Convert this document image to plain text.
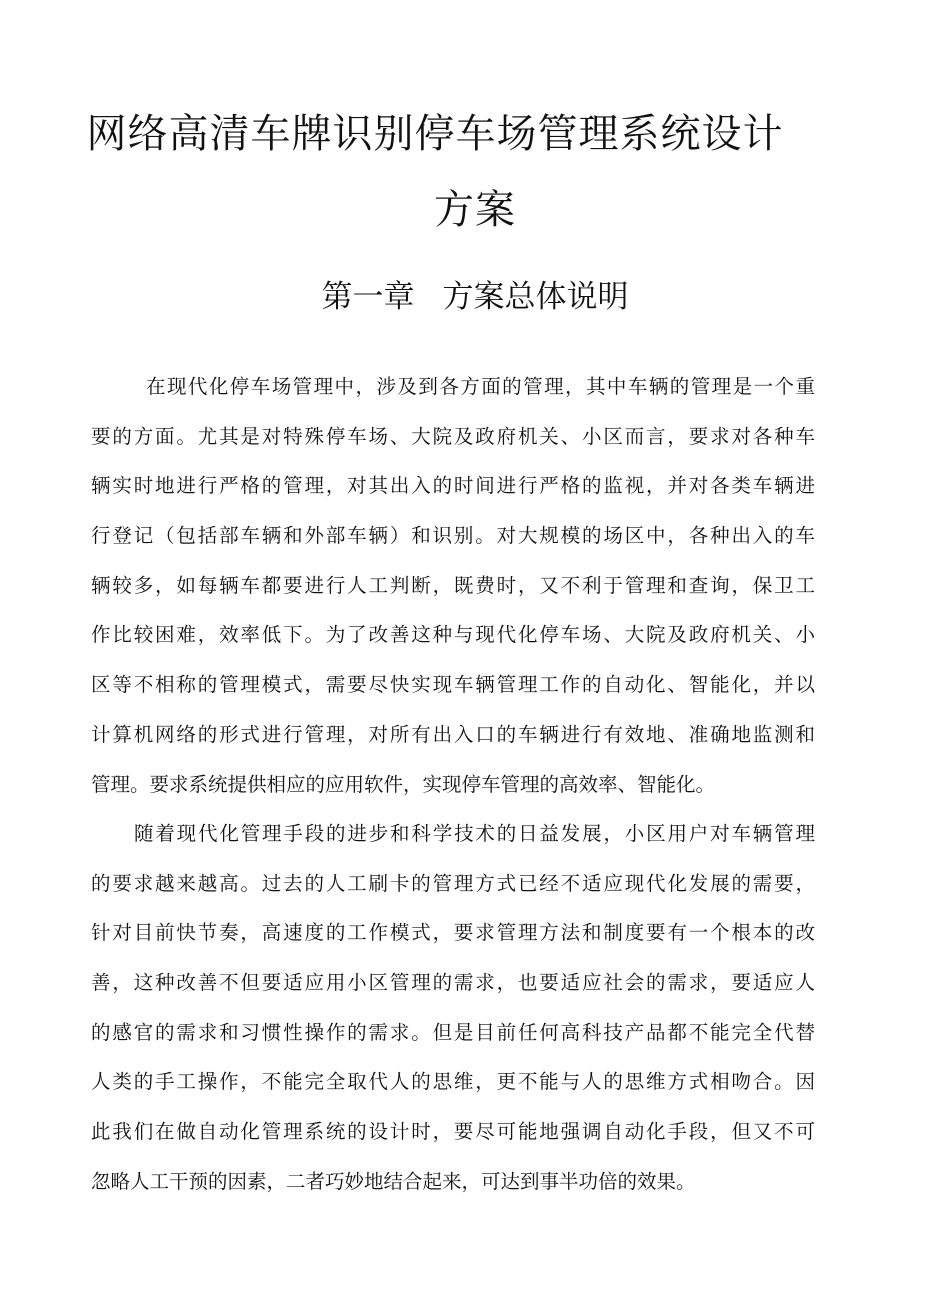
网络高清车牌识别停车场管理系统设计
方案
第一章 方案总体说明
在现代化停车场管理中，涉及到各方面的管理，其中车辆的管理是一个重
要的方面。尤其是对特殊停车场、大院及政府机关、小区而言，要求对各种车
辆实时地进行严格的管理，对其出入的时间进行严格的监视，并对各类车辆进
行登记（包括部车辆和外部车辆）和识别。对大规模的场区中，各种出入的车
辆较多，如每辆车都要进行人工判断，既费时，又不利于管理和查询，保卫工
作比较困难，效率低下。为了改善这种与现代化停车场、大院及政府机关、小
区等不相称的管理模式，需要尽快实现车辆管理工作的自动化、智能化，并以
计算机网络的形式进行管理，对所有出入口的车辆进行有效地、准确地监测和
管理。要求系统提供相应的应用软件，实现停车管理的高效率、智能化。
随着现代化管理手段的进步和科学技术的日益发展，小区用户对车辆管理
的要求越来越高。过去的人工刷卡的管理方式已经不适应现代化发展的需要，
针对目前快节奏，高速度的工作模式，要求管理方法和制度要有一个根本的改
善，这种改善不但要适应用小区管理的需求，也要适应社会的需求，要适应人
的感官的需求和习惯性操作的需求。但是目前任何高科技产品都不能完全代替
人类的手工操作，不能完全取代人的思维，更不能与人的思维方式相吻合。因
此我们在做自动化管理系统的设计时，要尽可能地强调自动化手段，但又不可
忽略人工干预的因素，二者巧妙地结合起来，可达到事半功倍的效果。
